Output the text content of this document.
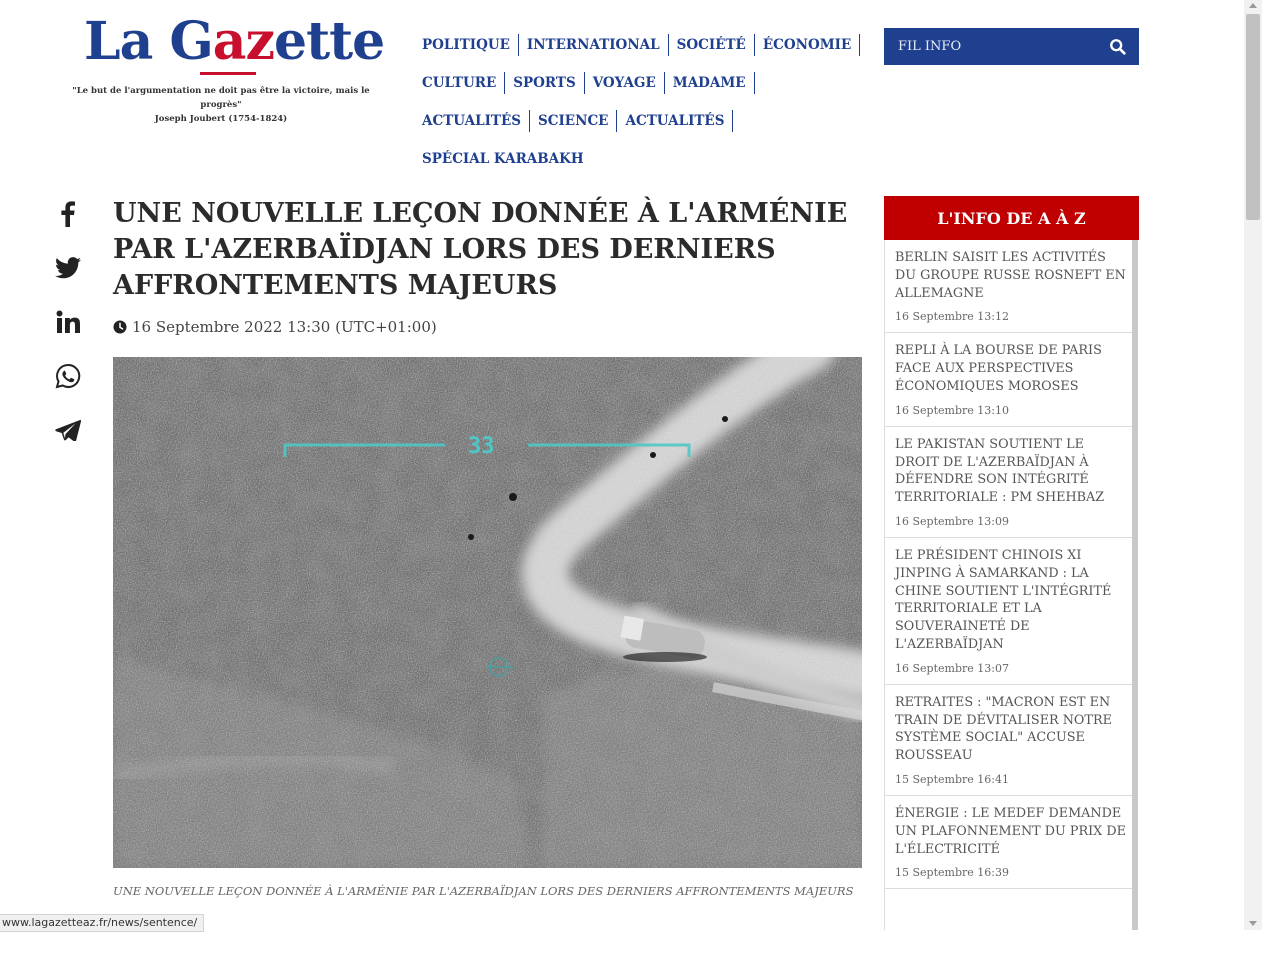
La Gazette
"Le but de l'argumentation ne doit pas être la victoire, mais le progrès"
Joseph Joubert (1754-1824)
POLITIQUE	INTERNATIONAL	SOCIÉTÉ	ÉCONOMIE
CULTURE	SPORTS	VOYAGE	MADAME
ACTUALITÉS	SCIENCE	ACTUALITÉS
SPÉCIAL KARABAKH
FIL INFO
UNE NOUVELLE LEÇON DONNÉE À L'ARMÉNIE PAR L'AZERBAÏDJAN LORS DES DERNIERS AFFRONTEMENTS MAJEURS
16 Septembre 2022 13:30 (UTC+01:00)
33
UNE NOUVELLE LEÇON DONNÉE À L'ARMÉNIE PAR L'AZERBAÏDJAN LORS DES DERNIERS AFFRONTEMENTS MAJEURS
L'INFO DE A À Z
BERLIN SAISIT LES ACTIVITÉS DU GROUPE RUSSE ROSNEFT EN ALLEMAGNE
16 Septembre 13:12
REPLI À LA BOURSE DE PARIS FACE AUX PERSPECTIVES ÉCONOMIQUES MOROSES
16 Septembre 13:10
LE PAKISTAN SOUTIENT LE DROIT DE L'AZERBAÏDJAN À DÉFENDRE SON INTÉGRITÉ TERRITORIALE : PM SHEHBAZ
16 Septembre 13:09
LE PRÉSIDENT CHINOIS XI JINPING À SAMARKAND : LA CHINE SOUTIENT L'INTÉGRITÉ TERRITORIALE ET LA SOUVERAINETÉ DE L'AZERBAÏDJAN
16 Septembre 13:07
RETRAITES : "MACRON EST EN TRAIN DE DÉVITALISER NOTRE SYSTÈME SOCIAL" ACCUSE ROUSSEAU
15 Septembre 16:41
ÉNERGIE : LE MEDEF DEMANDE UN PLAFONNEMENT DU PRIX DE L'ÉLECTRICITÉ
15 Septembre 16:39
www.lagazetteaz.fr/news/sentence/
